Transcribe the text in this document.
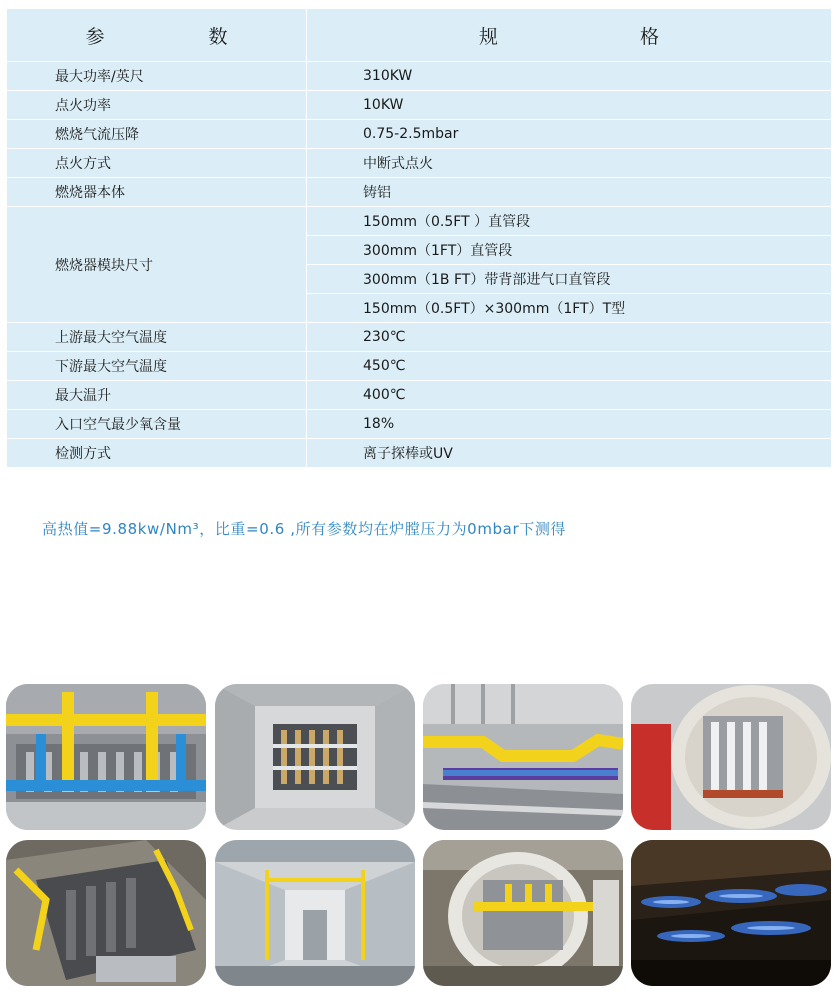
参 数	规 格

最大功率/英尺	310KW
点火功率	10KW
燃烧气流压降	0.75-2.5mbar
点火方式	中断式点火
燃烧器本体	铸铝
燃烧器模块尺寸	150mm（0.5FT ）直管段
	300mm（1FT）直管段
	300mm（1B FT）带背部进气口直管段
	150mm（0.5FT）×300mm（1FT）T型
上游最大空气温度	230℃
下游最大空气温度	450℃
最大温升	400℃
入口空气最少氧含量	18%
检测方式	离子探棒或UV
高热值=9.88kw/Nm³，比重=0.6 ,所有参数均在炉膛压力为0mbar下测得
